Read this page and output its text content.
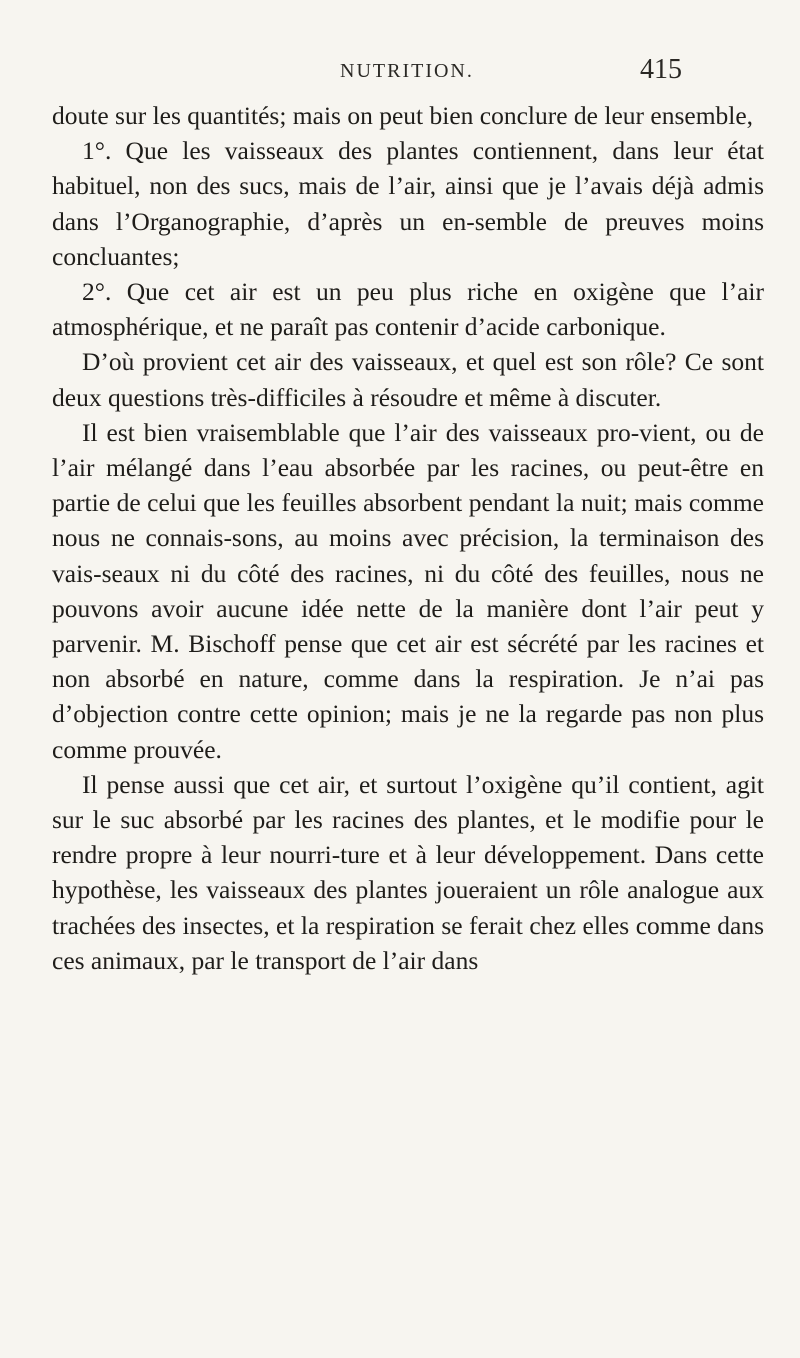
NUTRITION.	415

doute sur les quantités; mais on peut bien conclure de leur ensemble,

1°. Que les vaisseaux des plantes contiennent, dans leur état habituel, non des sucs, mais de l’air, ainsi que je l’avais déjà admis dans l’Organographie, d’après un en-semble de preuves moins concluantes;

2°. Que cet air est un peu plus riche en oxigène que l’air atmosphérique, et ne paraît pas contenir d’acide carbonique.

D’où provient cet air des vaisseaux, et quel est son rôle? Ce sont deux questions très-difficiles à résoudre et même à discuter.

Il est bien vraisemblable que l’air des vaisseaux pro-vient, ou de l’air mélangé dans l’eau absorbée par les racines, ou peut-être en partie de celui que les feuilles absorbent pendant la nuit; mais comme nous ne connais-sons, au moins avec précision, la terminaison des vais-seaux ni du côté des racines, ni du côté des feuilles, nous ne pouvons avoir aucune idée nette de la manière dont l’air peut y parvenir. M. Bischoff pense que cet air est sécrété par les racines et non absorbé en nature, comme dans la respiration. Je n’ai pas d’objection contre cette opinion; mais je ne la regarde pas non plus comme prouvée.

Il pense aussi que cet air, et surtout l’oxigène qu’il contient, agit sur le suc absorbé par les racines des plantes, et le modifie pour le rendre propre à leur nourri-ture et à leur développement. Dans cette hypothèse, les vaisseaux des plantes joueraient un rôle analogue aux trachées des insectes, et la respiration se ferait chez elles comme dans ces animaux, par le transport de l’air dans
